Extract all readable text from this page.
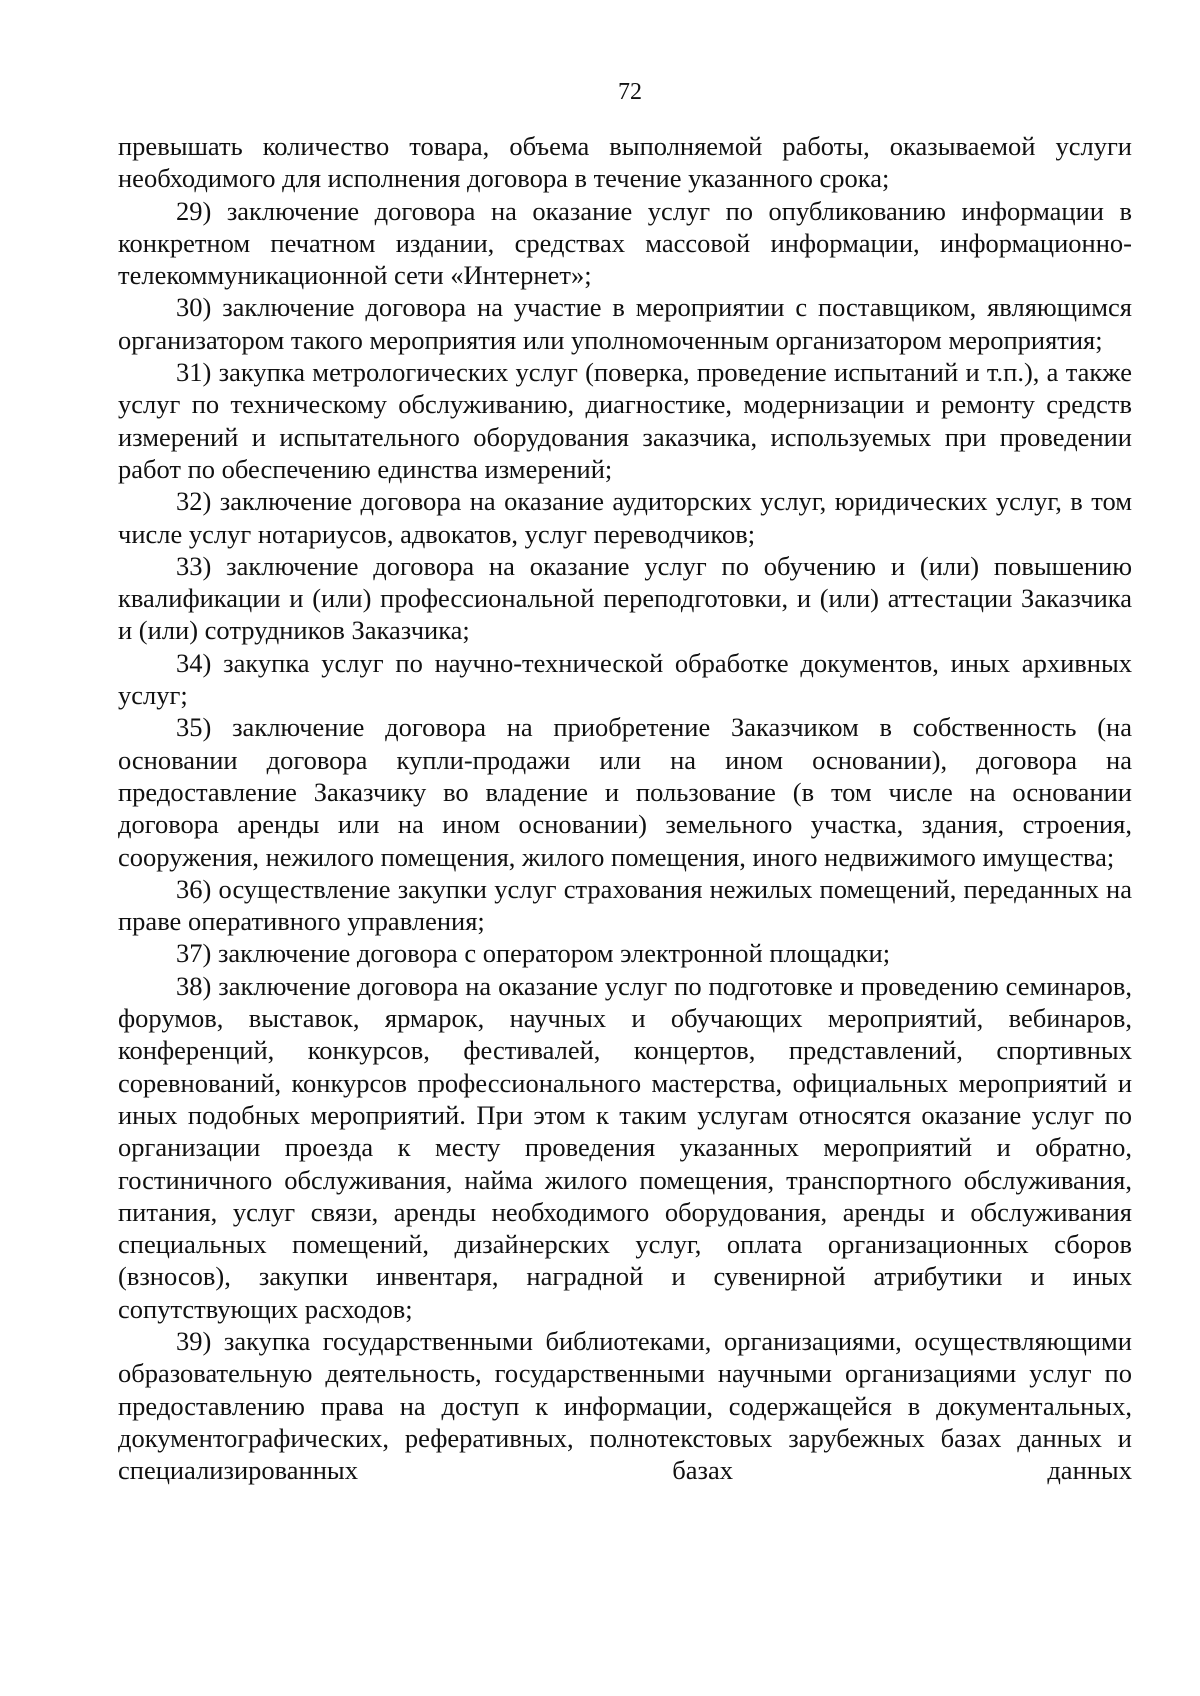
72

превышать количество товара, объема выполняемой работы, оказываемой услуги необходимого для исполнения договора в течение указанного срока;

29) заключение договора на оказание услуг по опубликованию информации в конкретном печатном издании, средствах массовой информации, информационно-телекоммуникационной сети «Интернет»;

30) заключение договора на участие в мероприятии с поставщиком, являющимся организатором такого мероприятия или уполномоченным организатором мероприятия;

31) закупка метрологических услуг (поверка, проведение испытаний и т.п.), а также услуг по техническому обслуживанию, диагностике, модернизации и ремонту средств измерений и испытательного оборудования заказчика, используемых при проведении работ по обеспечению единства измерений;

32) заключение договора на оказание аудиторских услуг, юридических услуг, в том числе услуг нотариусов, адвокатов, услуг переводчиков;

33) заключение договора на оказание услуг по обучению и (или) повышению квалификации и (или) профессиональной переподготовки, и (или) аттестации Заказчика и (или) сотрудников Заказчика;

34) закупка услуг по научно-технической обработке документов, иных архивных услуг;

35) заключение договора на приобретение Заказчиком в собственность (на основании договора купли-продажи или на ином основании), договора на предоставление Заказчику во владение и пользование (в том числе на основании договора аренды или на ином основании) земельного участка, здания, строения, сооружения, нежилого помещения, жилого помещения, иного недвижимого имущества;

36) осуществление закупки услуг страхования нежилых помещений, переданных на праве оперативного управления;

37) заключение договора с оператором электронной площадки;

38) заключение договора на оказание услуг по подготовке и проведению семинаров, форумов, выставок, ярмарок, научных и обучающих мероприятий, вебинаров, конференций, конкурсов, фестивалей, концертов, представлений, спортивных соревнований, конкурсов профессионального мастерства, официальных мероприятий и иных подобных мероприятий. При этом к таким услугам относятся оказание услуг по организации проезда к месту проведения указанных мероприятий и обратно, гостиничного обслуживания, найма жилого помещения, транспортного обслуживания, питания, услуг связи, аренды необходимого оборудования, аренды и обслуживания специальных помещений, дизайнерских услуг, оплата организационных сборов (взносов), закупки инвентаря, наградной и сувенирной атрибутики и иных сопутствующих расходов;

39) закупка государственными библиотеками, организациями, осуществляющими образовательную деятельность, государственными научными организациями услуг по предоставлению права на доступ к информации, содержащейся в документальных, документографических, реферативных, полнотекстовых зарубежных базах данных и специализированных базах данных
